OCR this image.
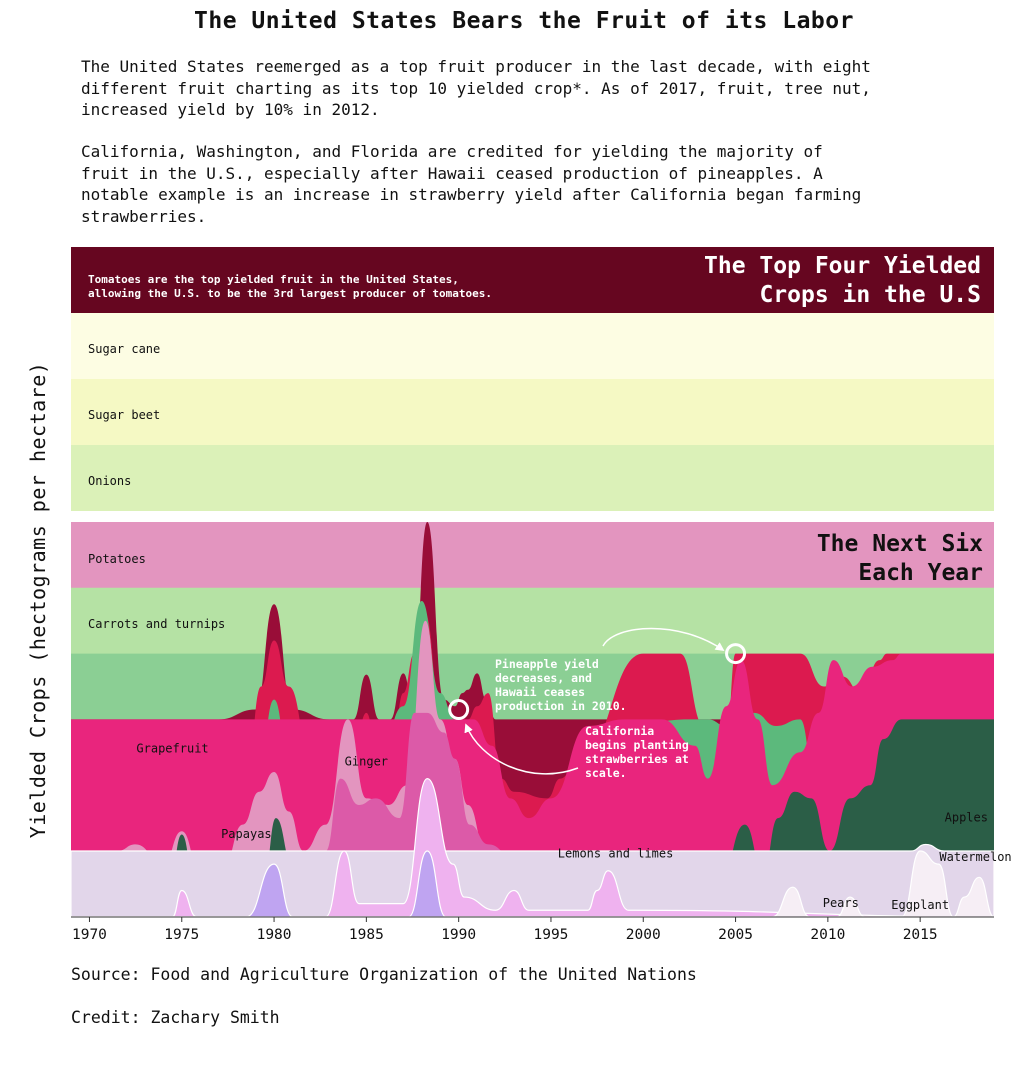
The United States Bears the Fruit of its Labor

The United States reemerged as a top fruit producer in the last decade, with eight
different fruit charting as its top 10 yielded crop*. As of 2017, fruit, tree nut,
increased yield by 10% in 2012.

California, Washington, and Florida are credited for yielding the majority of
fruit in the U.S., especially after Hawaii ceased production of pineapples. A
notable example is an increase in strawberry yield after California began farming
strawberries.

Yielded Crops (hectograms per hectare)
Tomatoes are the top yielded fruit in the United States,
allowing the U.S. to be the 3rd largest producer of tomatoes.
The Top Four Yielded
Crops in the U.S
Sugar cane
Sugar beet
Onions
Potatoes
Carrots and turnips
The Next Six
Each Year
Grapefruit
Ginger
Papayas
Lemons and limes
Apples
Watermelon
Pears	Eggplant
Pineapple yield
decreases, and
Hawaii ceases
production in 2010.
California
begins planting
strawberries at
scale.
1970	1975	1980	1985	1990	1995	2000	2005	2010	2015
Source: Food and Agriculture Organization of the United Nations
Credit: Zachary Smith
